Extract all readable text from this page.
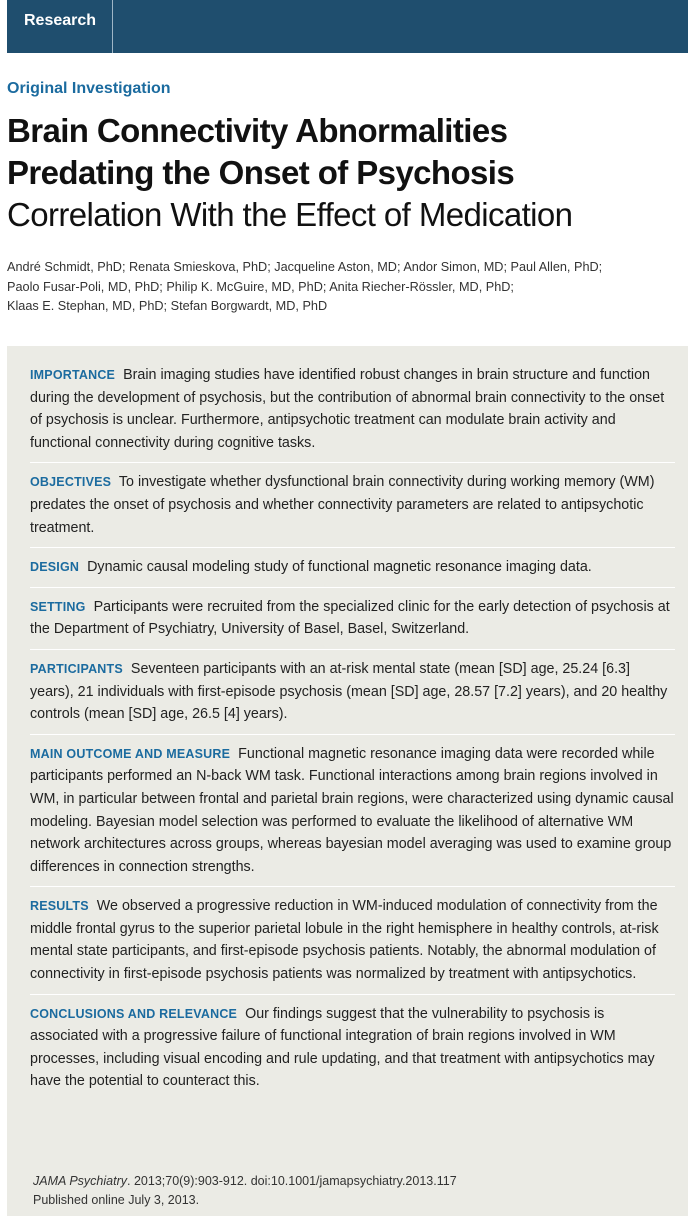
Research
Original Investigation
Brain Connectivity Abnormalities
Predating the Onset of Psychosis
Correlation With the Effect of Medication
André Schmidt, PhD; Renata Smieskova, PhD; Jacqueline Aston, MD; Andor Simon, MD; Paul Allen, PhD;
Paolo Fusar-Poli, MD, PhD; Philip K. McGuire, MD, PhD; Anita Riecher-Rössler, MD, PhD;
Klaas E. Stephan, MD, PhD; Stefan Borgwardt, MD, PhD
IMPORTANCE Brain imaging studies have identified robust changes in brain structure and function during the development of psychosis, but the contribution of abnormal brain connectivity to the onset of psychosis is unclear. Furthermore, antipsychotic treatment can modulate brain activity and functional connectivity during cognitive tasks.
OBJECTIVES To investigate whether dysfunctional brain connectivity during working memory (WM) predates the onset of psychosis and whether connectivity parameters are related to antipsychotic treatment.
DESIGN Dynamic causal modeling study of functional magnetic resonance imaging data.
SETTING Participants were recruited from the specialized clinic for the early detection of psychosis at the Department of Psychiatry, University of Basel, Basel, Switzerland.
PARTICIPANTS Seventeen participants with an at-risk mental state (mean [SD] age, 25.24 [6.3] years), 21 individuals with first-episode psychosis (mean [SD] age, 28.57 [7.2] years), and 20 healthy controls (mean [SD] age, 26.5 [4] years).
MAIN OUTCOME AND MEASURE Functional magnetic resonance imaging data were recorded while participants performed an N-back WM task. Functional interactions among brain regions involved in WM, in particular between frontal and parietal brain regions, were characterized using dynamic causal modeling. Bayesian model selection was performed to evaluate the likelihood of alternative WM network architectures across groups, whereas bayesian model averaging was used to examine group differences in connection strengths.
RESULTS We observed a progressive reduction in WM-induced modulation of connectivity from the middle frontal gyrus to the superior parietal lobule in the right hemisphere in healthy controls, at-risk mental state participants, and first-episode psychosis patients. Notably, the abnormal modulation of connectivity in first-episode psychosis patients was normalized by treatment with antipsychotics.
CONCLUSIONS AND RELEVANCE Our findings suggest that the vulnerability to psychosis is associated with a progressive failure of functional integration of brain regions involved in WM processes, including visual encoding and rule updating, and that treatment with antipsychotics may have the potential to counteract this.
JAMA Psychiatry. 2013;70(9):903-912. doi:10.1001/jamapsychiatry.2013.117
Published online July 3, 2013.
